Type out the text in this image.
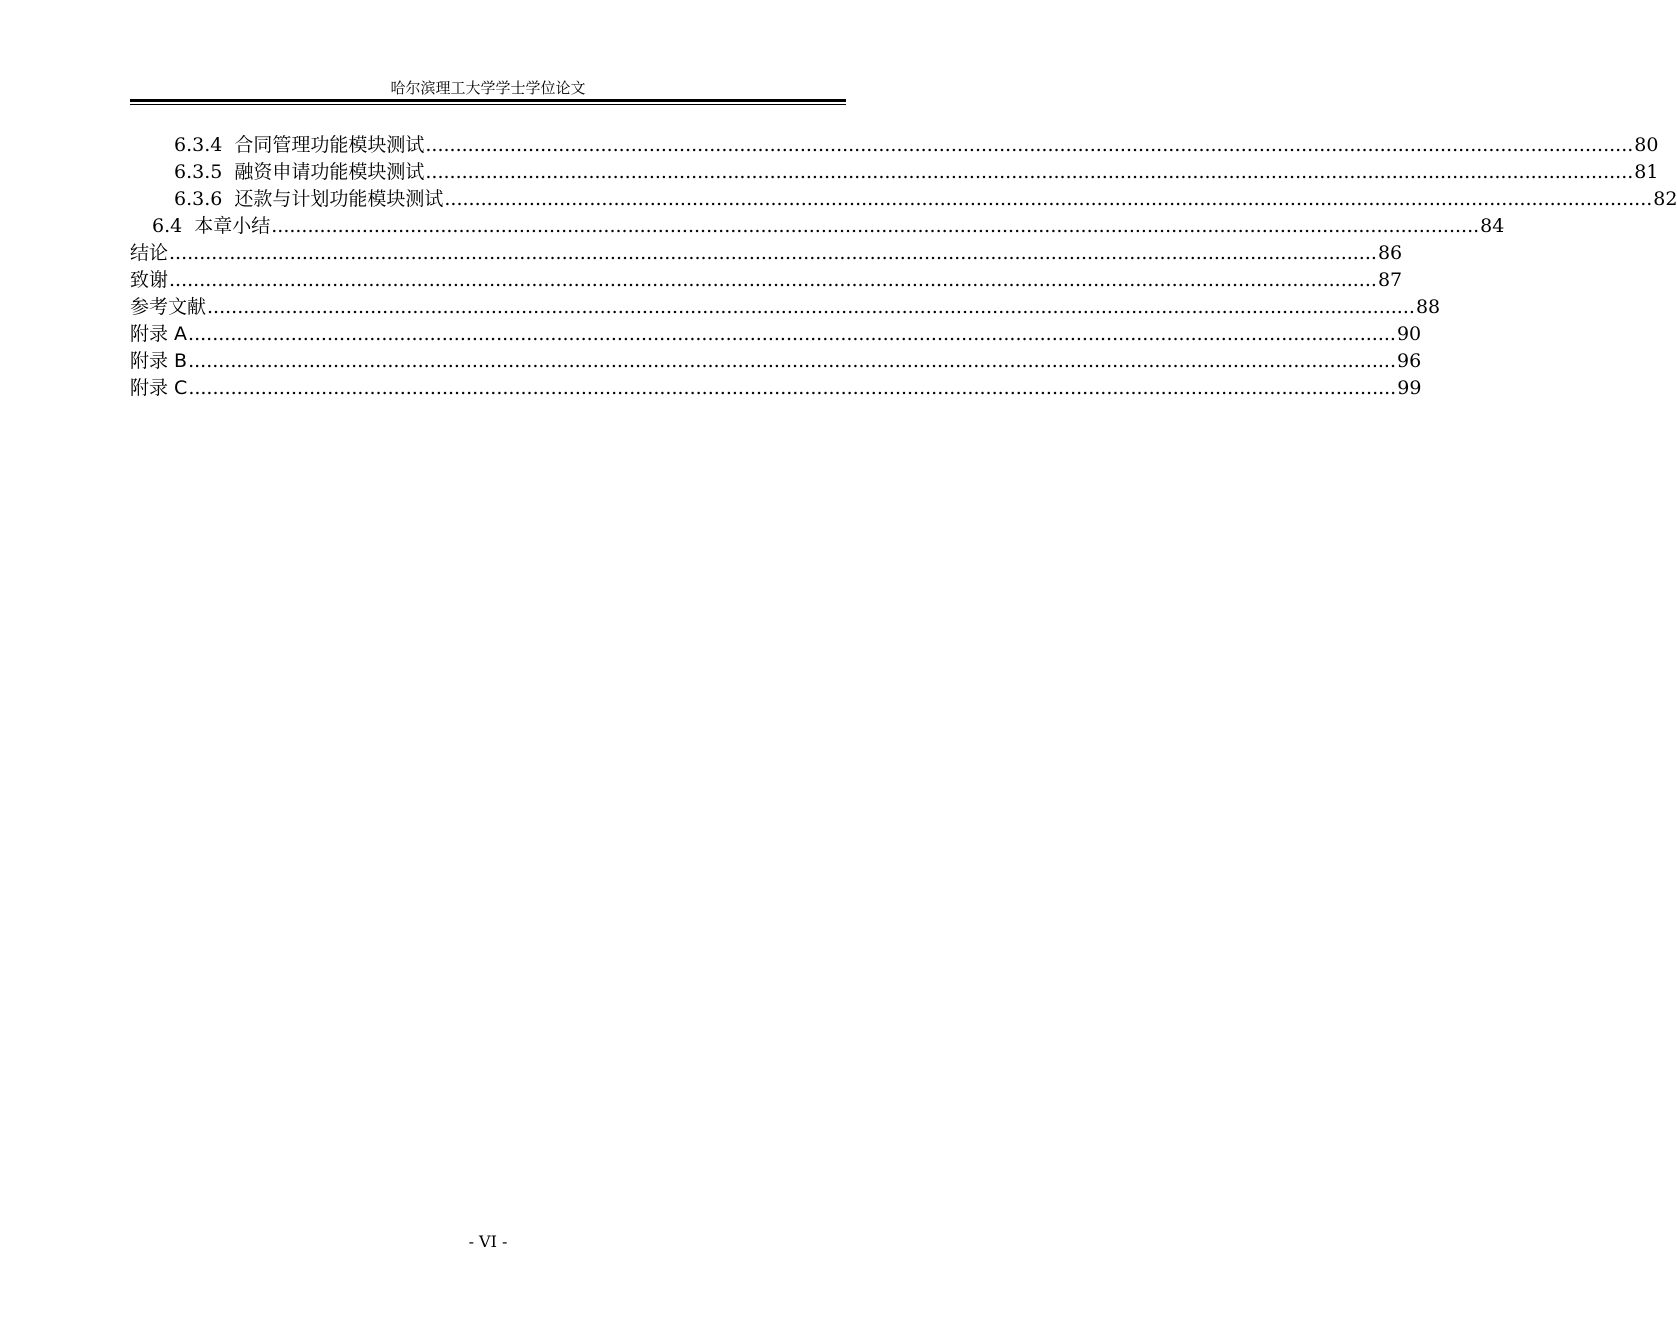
哈尔滨理工大学学士学位论文
6.3.4 合同管理功能模块测试 ........................................................................................................................................................................................................ 80
6.3.5 融资申请功能模块测试 ........................................................................................................................................................................................................ 81
6.3.6 还款与计划功能模块测试 ........................................................................................................................................................................................................ 82
6.4 本章小结 ........................................................................................................................................................................................................ 84
结论 ........................................................................................................................................................................................................ 86
致谢 ........................................................................................................................................................................................................ 87
参考文献 ........................................................................................................................................................................................................ 88
附录 A ........................................................................................................................................................................................................ 90
附录 B ........................................................................................................................................................................................................ 96
附录 C ........................................................................................................................................................................................................ 99
- VI -
